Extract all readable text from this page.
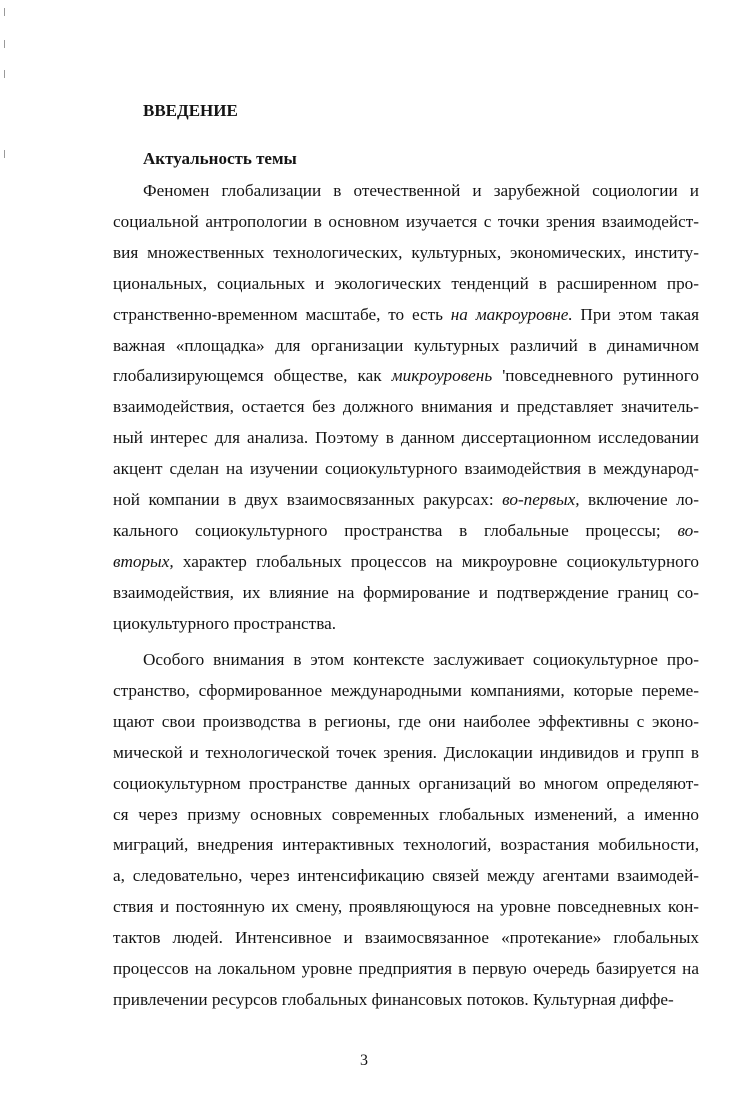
ВВЕДЕНИЕ
Актуальность темы
Феномен глобализации в отечественной и зарубежной социологии и
социальной антропологии в основном изучается с точки зрения взаимодейст-
вия множественных технологических, культурных, экономических, институ-
циональных, социальных и экологических тенденций в расширенном про-
странственно-временном масштабе, то есть на макроуровне. При этом такая
важная «площадка» для организации культурных различий в динамичном
глобализирующемся обществе, как микроуровень 'повседневного рутинного
взаимодействия, остается без должного внимания и представляет значитель-
ный интерес для анализа. Поэтому в данном диссертационном исследовании
акцент сделан на изучении социокультурного взаимодействия в международ-
ной компании в двух взаимосвязанных ракурсах: во-первых, включение ло-
кального социокультурного пространства в глобальные процессы; во-
вторых, характер глобальных процессов на микроуровне социокультурного
взаимодействия, их влияние на формирование и подтверждение границ со-
циокультурного пространства.
Особого внимания в этом контексте заслуживает социокультурное про-
странство, сформированное международными компаниями, которые переме-
щают свои производства в регионы, где они наиболее эффективны с эконо-
мической и технологической точек зрения. Дислокации индивидов и групп в
социокультурном пространстве данных организаций во многом определяют-
ся через призму основных современных глобальных изменений, а именно
миграций, внедрения интерактивных технологий, возрастания мобильности,
а, следовательно, через интенсификацию связей между агентами взаимодей-
ствия и постоянную их смену, проявляющуюся на уровне повседневных кон-
тактов людей. Интенсивное и взаимосвязанное «протекание» глобальных
процессов на локальном уровне предприятия в первую очередь базируется на
привлечении ресурсов глобальных финансовых потоков. Культурная диффе-
3
